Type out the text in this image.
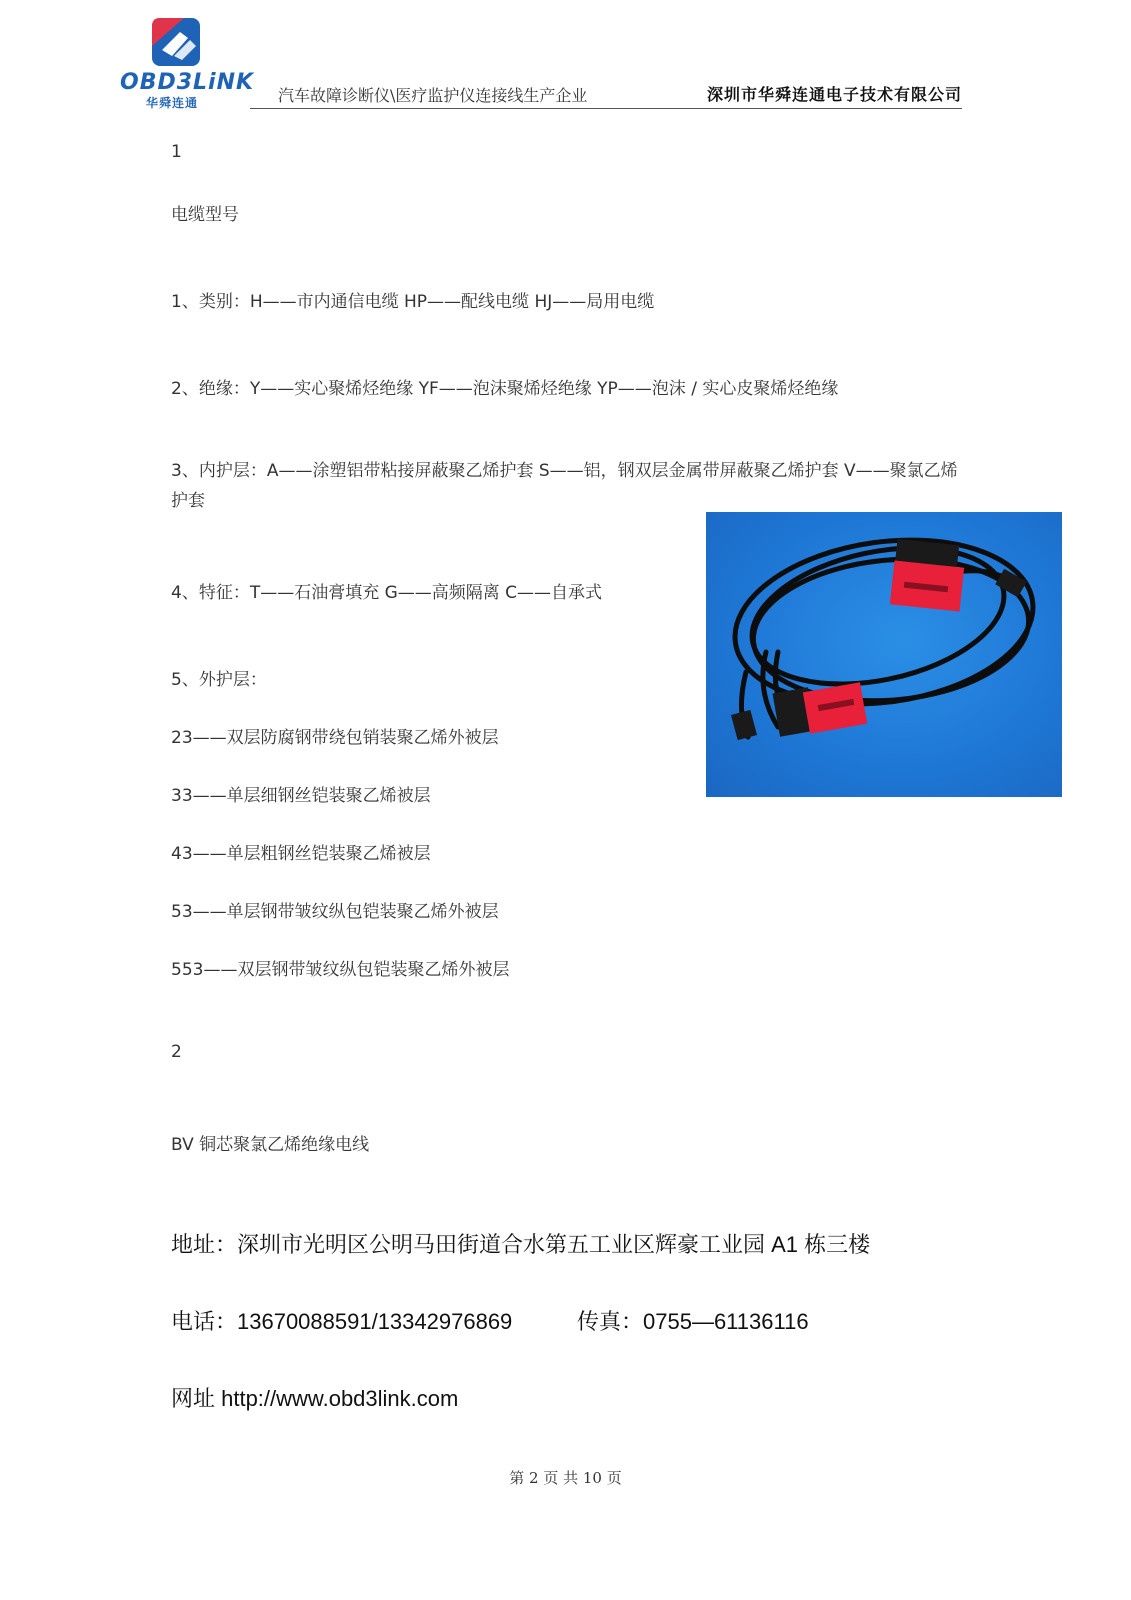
OBD3LiNK
华舜连通	汽车故障诊断仪\医疗监护仪连接线生产企业	深圳市华舜连通电子技术有限公司
1
电缆型号
1、类别：H——市内通信电缆 HP——配线电缆 HJ——局用电缆
2、绝缘：Y——实心聚烯烃绝缘 YF——泡沫聚烯烃绝缘 YP——泡沫 / 实心皮聚烯烃绝缘
3、内护层：A——涂塑铝带粘接屏蔽聚乙烯护套 S——铝，钢双层金属带屏蔽聚乙烯护套 V——聚氯乙烯护套
4、特征：T——石油膏填充 G——高频隔离 C——自承式
5、外护层：
23——双层防腐钢带绕包销装聚乙烯外被层
33——单层细钢丝铠装聚乙烯被层
43——单层粗钢丝铠装聚乙烯被层
53——单层钢带皱纹纵包铠装聚乙烯外被层
553——双层钢带皱纹纵包铠装聚乙烯外被层
2
BV 铜芯聚氯乙烯绝缘电线
地址：深圳市光明区公明马田街道合水第五工业区辉豪工业园 A1 栋三楼
电话：13670088591/13342976869	传真：0755—61136116
网址 http://www.obd3link.com
第 2 页 共 10 页
